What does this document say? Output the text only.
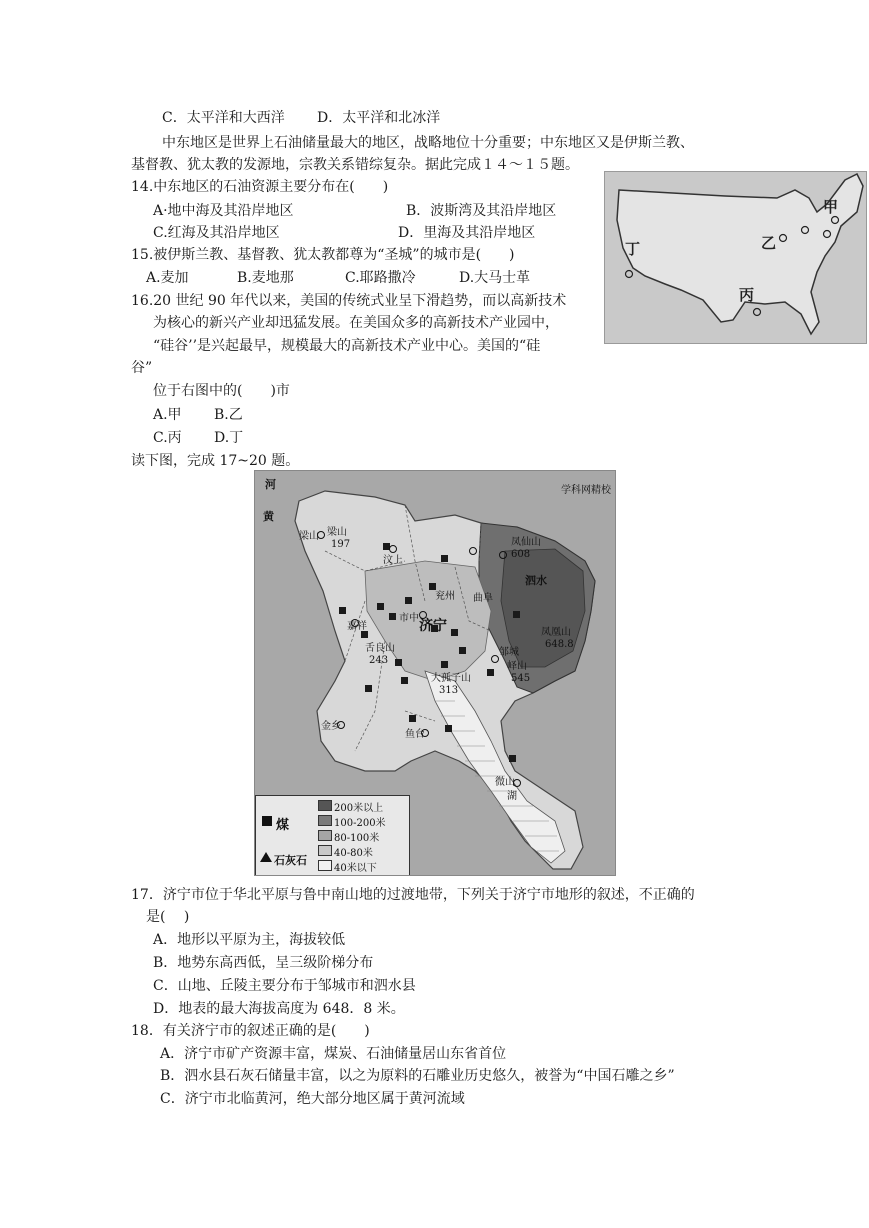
C．太平洋和大西洋 D．太平洋和北冰洋
中东地区是世界上石油储量最大的地区，战略地位十分重要；中东地区又是伊斯兰教、
基督教、犹太教的发源地，宗教关系错综复杂。据此完成１４～１５题。
14.中东地区的石油资源主要分布在(　　)
A·地中海及其沿岸地区	B．波斯湾及其沿岸地区
C.红海及其沿岸地区	D．里海及其沿岸地区
15.被伊斯兰教、基督教、犹太教都尊为“圣城”的城市是(　　)
A.麦加	B.麦地那	C.耶路撒冷	D.大马士革
16.20 世纪 90 年代以来，美国的传统式业呈下滑趋势，而以高新技术
为核心的新兴产业却迅猛发展。在美国众多的高新技术产业园中，
“硅谷’’是兴起最早，规模最大的高新技术产业中心。美国的“硅
谷”
位于右图中的(　　)市
A.甲 B.乙
C.丙 D.丁
甲
乙
丙
丁
读下图，完成 17~20 题。
学科网精校
河
黄
梁山 梁山
197
汶上
兖州 曲阜
凤仙山
608
泗水
嘉祥
市中 济宁
邹城
凤凰山
648.8
峄山
545
舌良山
243
大孤子山
313
金乡
鱼台
微山
湖
煤
石灰石
200米以上
100-200米
80-100米
40-80米
40米以下
17．济宁市位于华北平原与鲁中南山地的过渡地带，下列关于济宁市地形的叙述，不正确的
是(　 )
A．地形以平原为主，海拔较低
B．地势东高西低，呈三级阶梯分布
C．山地、丘陵主要分布于邹城市和泗水县
D．地表的最大海拔高度为 648．8 米。
18．有关济宁市的叙述正确的是(　　)
A．济宁市矿产资源丰富，煤炭、石油储量居山东省首位
B．泗水县石灰石储量丰富，以之为原料的石雕业历史悠久，被誉为“中国石雕之乡”
C．济宁市北临黄河，绝大部分地区属于黄河流域
